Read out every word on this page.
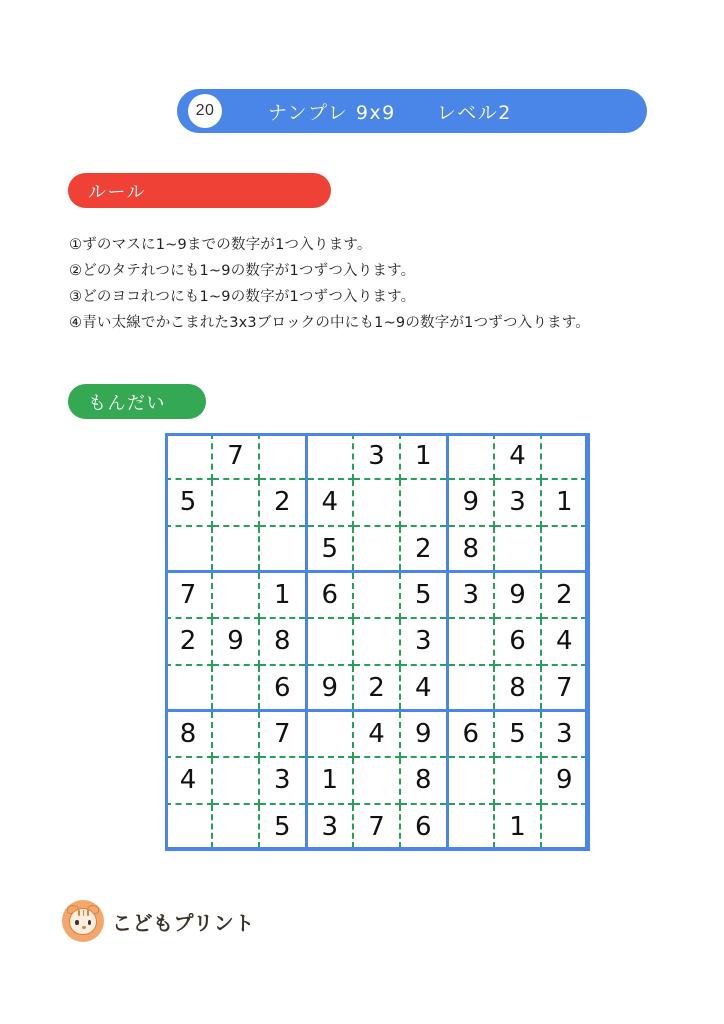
20	ナンプレ 9x9　　レベル2
ルール
①ずのマスに1~9までの数字が1つ入ります。
②どのタテれつにも1~9の数字が1つずつ入ります。
③どのヨコれつにも1~9の数字が1つずつ入ります。
④青い太線でかこまれた3x3ブロックの中にも1~9の数字が1つずつ入ります。
もんだい

	7			3	1		4	

5		2	4			9	3	1

			5		2	8		

7		1	6		5	3	9	2

2	9	8			3		6	4

		6	9	2	4		8	7

8		7		4	9	6	5	3

4		3	1		8			9

		5	3	7	6		1	

こどもプリント
